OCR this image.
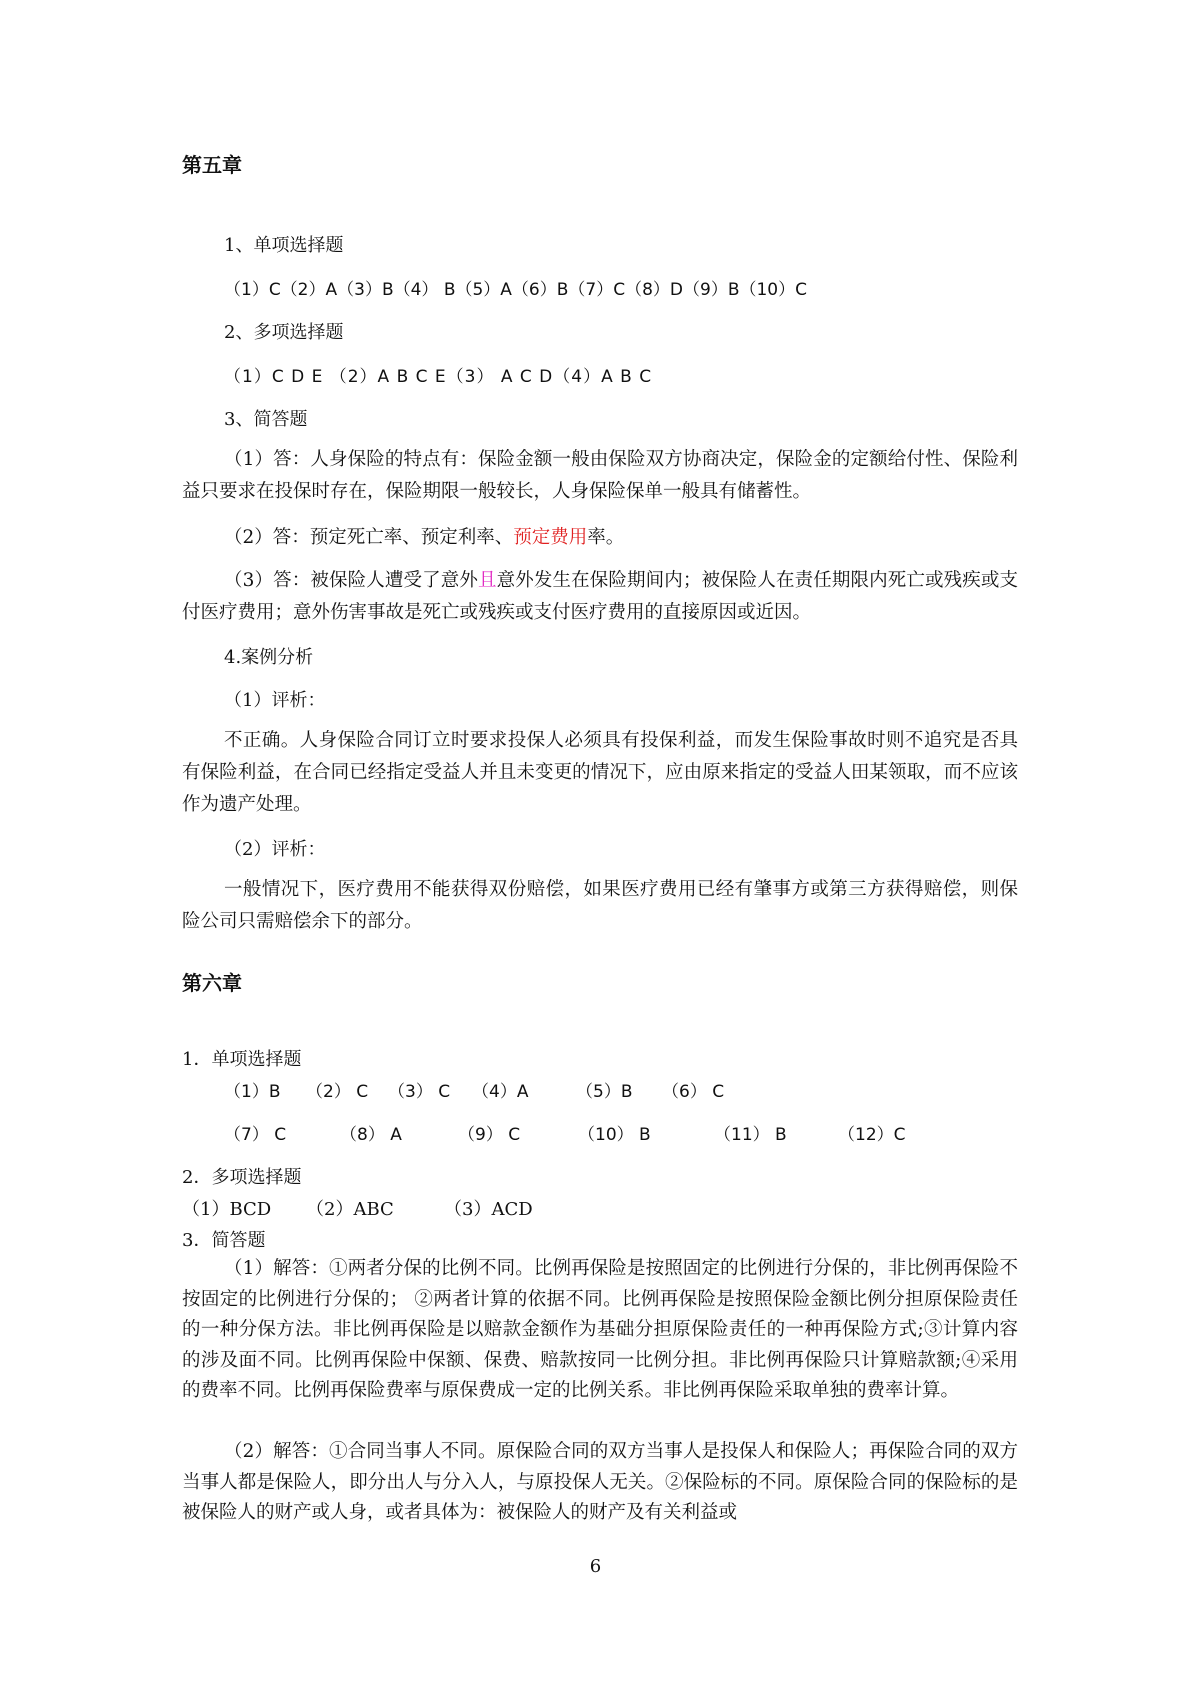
第五章
1、单项选择题
（1）C（2）A（3）B（4） B（5）A（6）B（7）C（8）D（9）B（10）C
2、多项选择题
（1）C D E （2）A B C E（3） A C D（4）A B C
3、简答题
（1）答：人身保险的特点有：保险金额一般由保险双方协商决定，保险金的定额给付性、保险利益只要求在投保时存在，保险期限一般较长，人身保险保单一般具有储蓄性。
（2）答：预定死亡率、预定利率、预定费用率。
（3）答：被保险人遭受了意外且意外发生在保险期间内；被保险人在责任期限内死亡或残疾或支付医疗费用；意外伤害事故是死亡或残疾或支付医疗费用的直接原因或近因。
4.案例分析
（1）评析：
不正确。人身保险合同订立时要求投保人必须具有投保利益，而发生保险事故时则不追究是否具有保险利益，在合同已经指定受益人并且未变更的情况下，应由原来指定的受益人田某领取，而不应该作为遗产处理。
（2）评析：
一般情况下，医疗费用不能获得双份赔偿，如果医疗费用已经有肇事方或第三方获得赔偿，则保险公司只需赔偿余下的部分。
第六章
1．单项选择题
（1）B （2） C （3） C （4）A	（5）B （6） C
（7） C	（8） A	（9） C	（10） B	（11） B	（12）C
2．多项选择题
（1）BCD （2）ABC	（3）ACD
3．简答题
（1）解答：①两者分保的比例不同。比例再保险是按照固定的比例进行分保的，非比例再保险不按固定的比例进行分保的； ②两者计算的依据不同。比例再保险是按照保险金额比例分担原保险责任的一种分保方法。非比例再保险是以赔款金额作为基础分担原保险责任的一种再保险方式;③计算内容的涉及面不同。比例再保险中保额、保费、赔款按同一比例分担。非比例再保险只计算赔款额;④采用的费率不同。比例再保险费率与原保费成一定的比例关系。非比例再保险采取单独的费率计算。
（2）解答：①合同当事人不同。原保险合同的双方当事人是投保人和保险人；再保险合同的双方当事人都是保险人，即分出人与分入人，与原投保人无关。②保险标的不同。原保险合同的保险标的是被保险人的财产或人身，或者具体为：被保险人的财产及有关利益或
6
